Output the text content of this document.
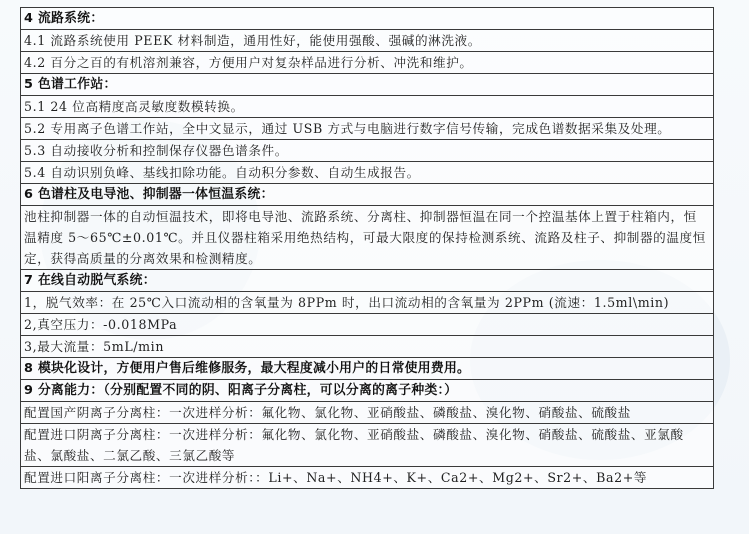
4 流路系统：
4.1 流路系统使用 PEEK 材料制造，通用性好，能使用强酸、强碱的淋洗液。
4.2 百分之百的有机溶剂兼容，方便用户对复杂样品进行分析、冲洗和维护。
5 色谱工作站：
5.1 24 位高精度高灵敏度数模转换。
5.2 专用离子色谱工作站，全中文显示，通过 USB 方式与电脑进行数字信号传输，完成色谱数据采集及处理。
5.3 自动接收分析和控制保存仪器色谱条件。
5.4 自动识别负峰、基线扣除功能。自动积分参数、自动生成报告。
6 色谱柱及电导池、抑制器一体恒温系统：
池柱抑制器一体的自动恒温技术，即将电导池、流路系统、分离柱、抑制器恒温在同一个控温基体上置于柱箱内，恒温精度 5～65℃±0.01℃。并且仪器柱箱采用绝热结构，可最大限度的保持检测系统、流路及柱子、抑制器的温度恒定，获得高质量的分离效果和检测精度。
7 在线自动脱气系统：
1，脱气效率：在 25℃入口流动相的含氧量为 8PPm 时，出口流动相的含氧量为 2PPm (流速：1.5ml\min)
2,真空压力：-0.018MPa
3,最大流量：5mL/min
8 模块化设计，方便用户售后维修服务，最大程度减小用户的日常使用费用。
9 分离能力：（分别配置不同的阴、阳离子分离柱，可以分离的离子种类：）
配置国产阴离子分离柱：一次进样分析：氟化物、氯化物、亚硝酸盐、磷酸盐、溴化物、硝酸盐、硫酸盐
配置进口阴离子分离柱：一次进样分析：氟化物、氯化物、亚硝酸盐、磷酸盐、溴化物、硝酸盐、硫酸盐、亚氯酸盐、氯酸盐、二氯乙酸、三氯乙酸等
配置进口阳离子分离柱：一次进样分析：：Li+、Na+、NH4+、K+、Ca2+、Mg2+、Sr2+、Ba2+等
